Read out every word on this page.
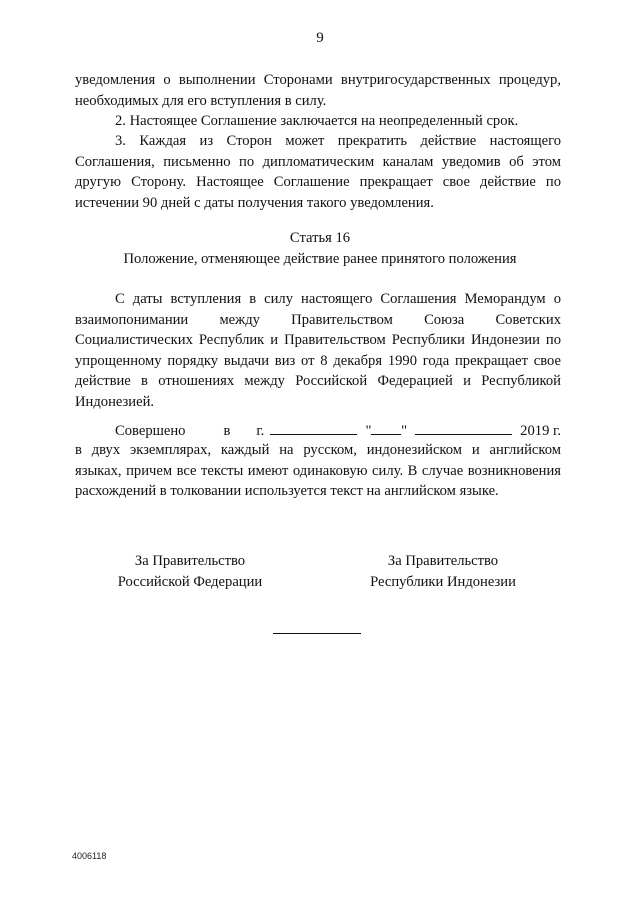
9

уведомления о выполнении Сторонами внутригосударственных процедур, необходимых для его вступления в силу.

2. Настоящее Соглашение заключается на неопределенный срок.

3. Каждая из Сторон может прекратить действие настоящего Соглашения, письменно по дипломатическим каналам уведомив об этом другую Сторону. Настоящее Соглашение прекращает свое действие по истечении 90 дней с даты получения такого уведомления.

Статья 16
Положение, отменяющее действие ранее принятого положения

С даты вступления в силу настоящего Соглашения Меморандум о взаимопонимании между Правительством Союза Советских Социалистических Республик и Правительством Республики Индонезии по упрощенному порядку выдачи виз от 8 декабря 1990 года прекращает свое действие в отношениях между Российской Федерацией и Республикой Индонезией.

Совершено	в г.	" "	2019 г.

в двух экземплярах, каждый на русском, индонезийском и английском языках, причем все тексты имеют одинаковую силу. В случае возникновения расхождений в толковании используется текст на английском языке.

За Правительство
Российской Федерации
За Правительство
Республики Индонезии
4006118
